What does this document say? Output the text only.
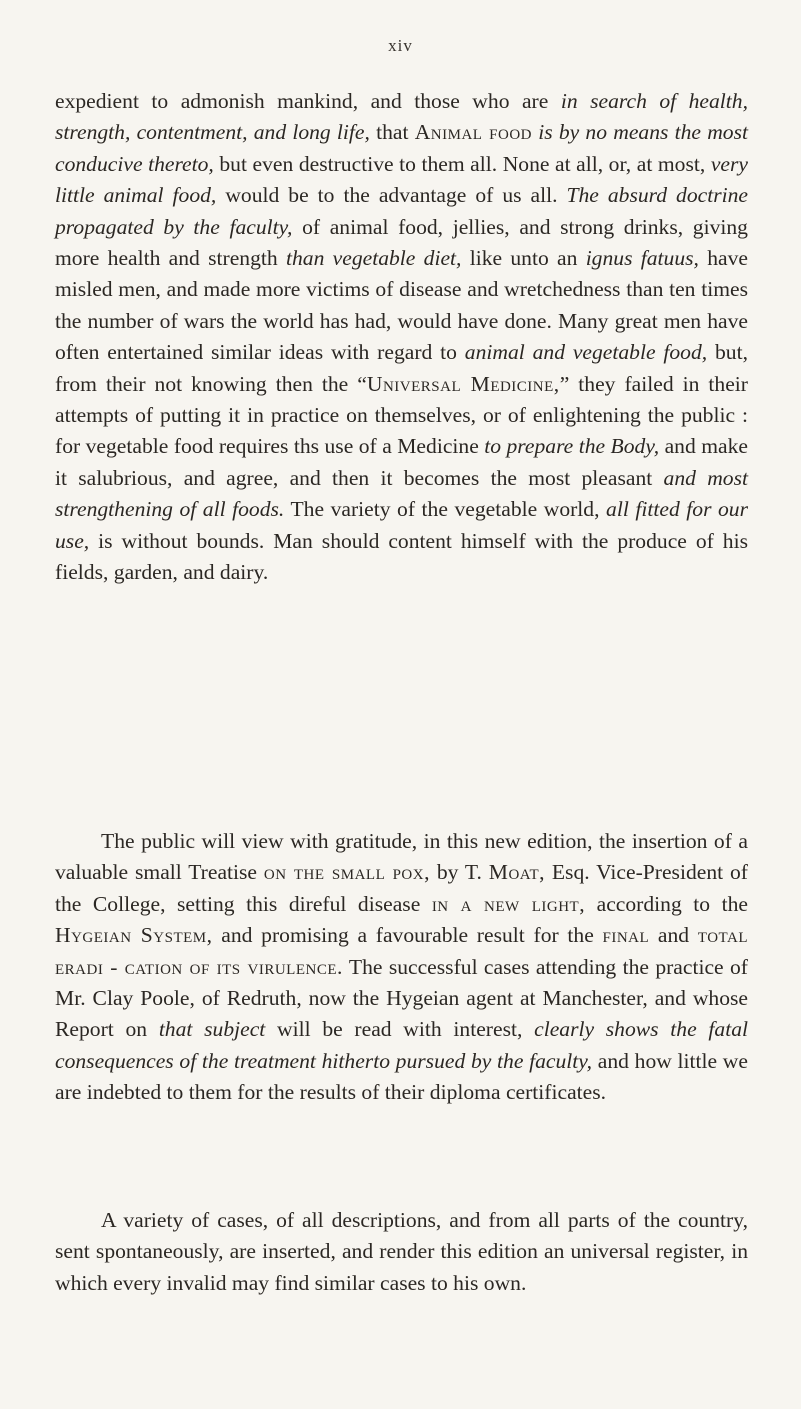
xiv
expedient to admonish mankind, and those who are in search of health, strength, contentment, and long life, that Animal food is by no means the most conducive thereto, but even destructive to them all. None at all, or, at most, very little animal food, would be to the advantage of us all. The absurd doctrine propagated by the faculty, of animal food, jellies, and strong drinks, giving more health and strength than vegetable diet, like unto an ignus fatuus, have misled men, and made more victims of disease and wretchedness than ten times the number of wars the world has had, would have done. Many great men have often entertained similar ideas with regard to animal and vegetable food, but, from their not knowing then the “Universal Medicine,” they failed in their attempts of putting it in practice on themselves, or of enlightening the public : for vegetable food requires ths use of a Medicine to prepare the Body, and make it salubrious, and agree, and then it becomes the most pleasant and most strengthening of all foods. The variety of the vegetable world, all fitted for our use, is without bounds. Man should content himself with the produce of his fields, garden, and dairy.
The public will view with gratitude, in this new edition, the insertion of a valuable small Treatise on the small pox, by T. Moat, Esq. Vice-President of the College, setting this direful disease in a new light, according to the Hygeian System, and promising a favourable result for the final and total eradi - cation of its virulence. The successful cases attending the practice of Mr. Clay Poole, of Redruth, now the Hygeian agent at Manchester, and whose Report on that subject will be read with interest, clearly shows the fatal consequences of the treatment hitherto pursued by the faculty, and how little we are indebted to them for the results of their diploma certificates.
A variety of cases, of all descriptions, and from all parts of the country, sent spontaneously, are inserted, and render this edition an universal register, in which every invalid may find similar cases to his own.
